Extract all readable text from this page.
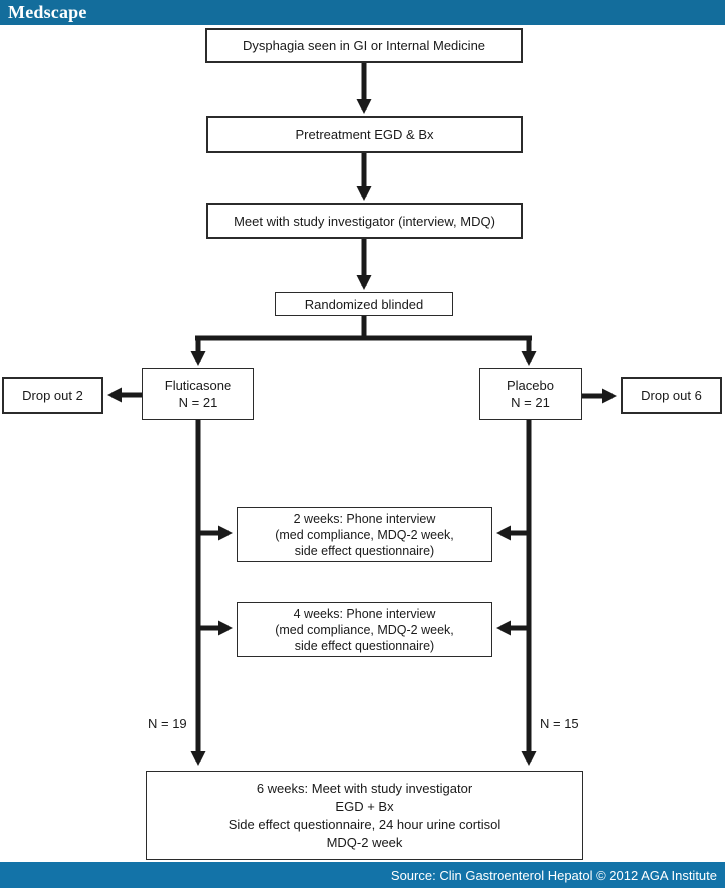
Medscape
Dysphagia seen in GI or Internal Medicine
Pretreatment EGD & Bx
Meet with study investigator (interview, MDQ)
Randomized blinded
Fluticasone
N = 21
Placebo
N = 21
Drop out 2	Drop out 6
2 weeks: Phone interview
(med compliance, MDQ-2 week,
side effect questionnaire)
4 weeks: Phone interview
(med compliance, MDQ-2 week,
side effect questionnaire)
N = 19	N = 15
6 weeks: Meet with study investigator
EGD + Bx
Side effect questionnaire, 24 hour urine cortisol
MDQ-2 week
Source: Clin Gastroenterol Hepatol © 2012 AGA Institute
